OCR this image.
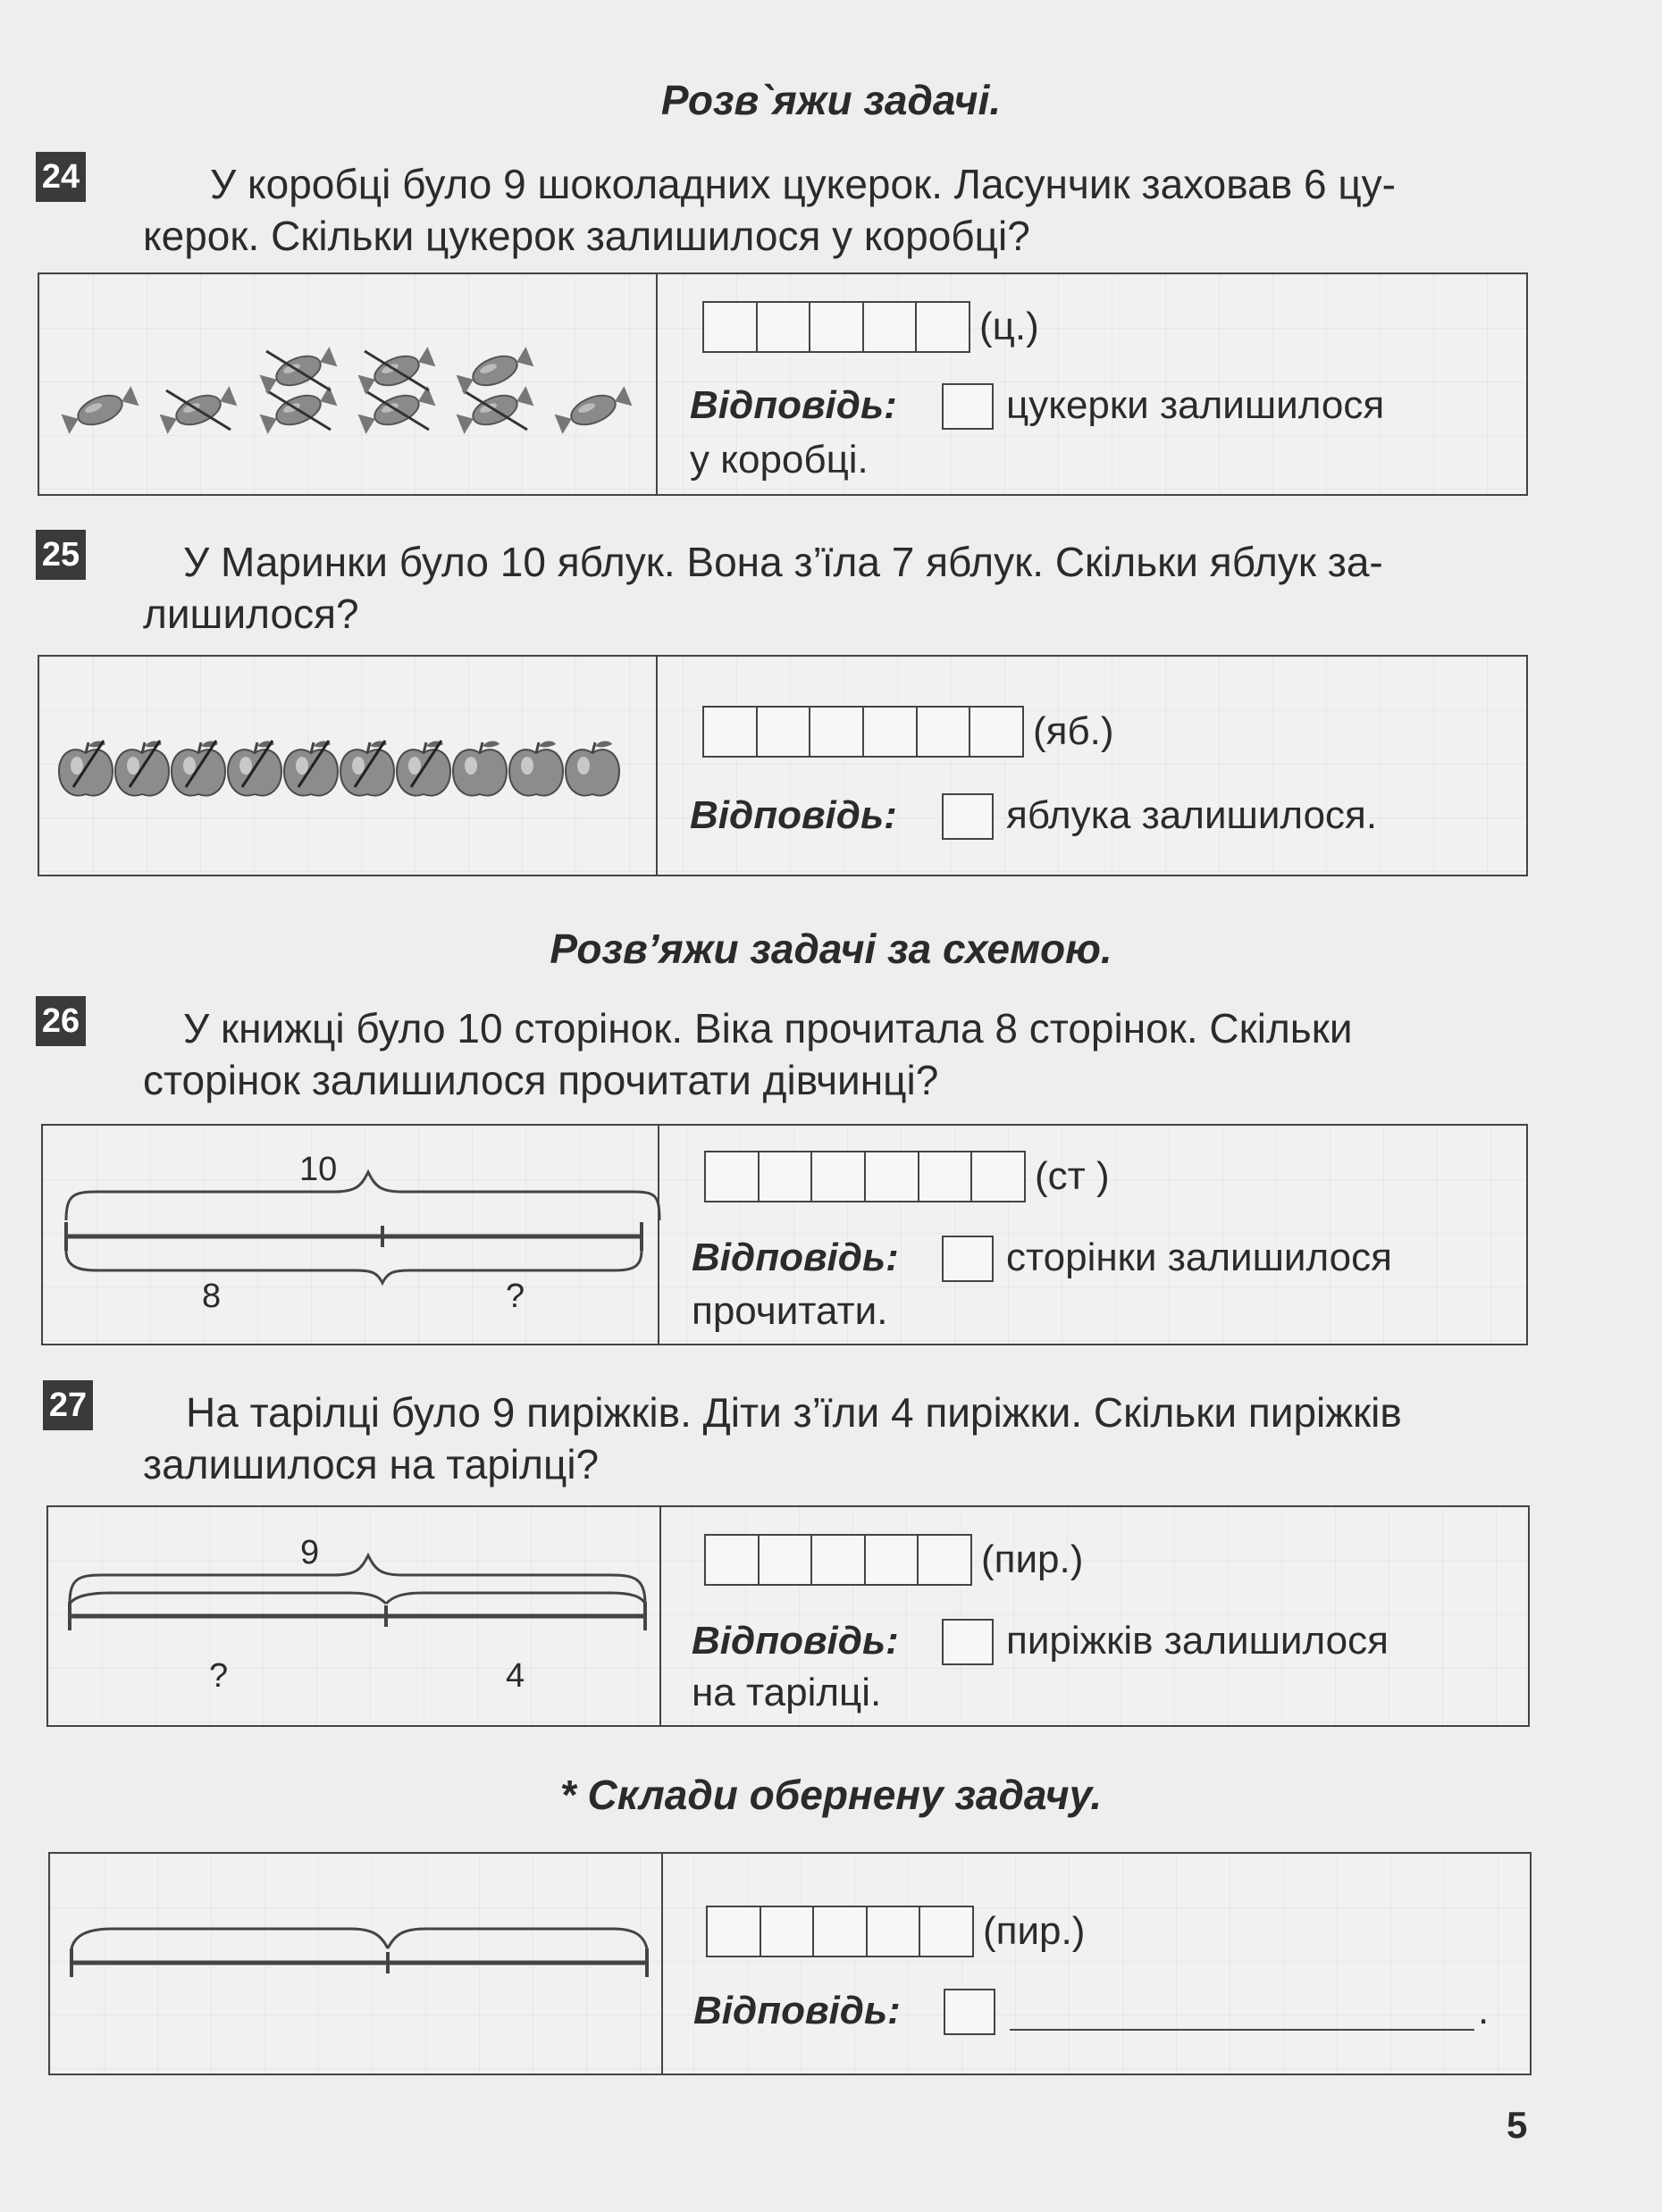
Розв`яжи задачі.
24	У коробці було 9 шоколадних цукерок. Ласунчик заховав 6 цу-
керок. Скільки цукерок залишилося у коробці?
(ц.)
Відповідь:	цукерки залишилося
у коробці.
25	У Маринки було 10 яблук. Вона з’їла 7 яблук. Скільки яблук за-
лишилося?
(яб.)
Відповідь:	яблука залишилося.
Розв’яжи задачі за схемою.
26	У книжці було 10 сторінок. Віка прочитала 8 сторінок. Скільки
сторінок залишилося прочитати дівчинці?
10
8	?
(ст )
Відповідь:	сторінки залишилося
прочитати.
27 На тарілці було 9 пиріжків. Діти з’їли 4 пиріжки. Скільки пиріжків
залишилося на тарілці?
9
?	4
(пир.)
Відповідь:	пиріжків залишилося
на тарілці.
* Склади обернену задачу.
(пир.)
Відповідь:	.
5
